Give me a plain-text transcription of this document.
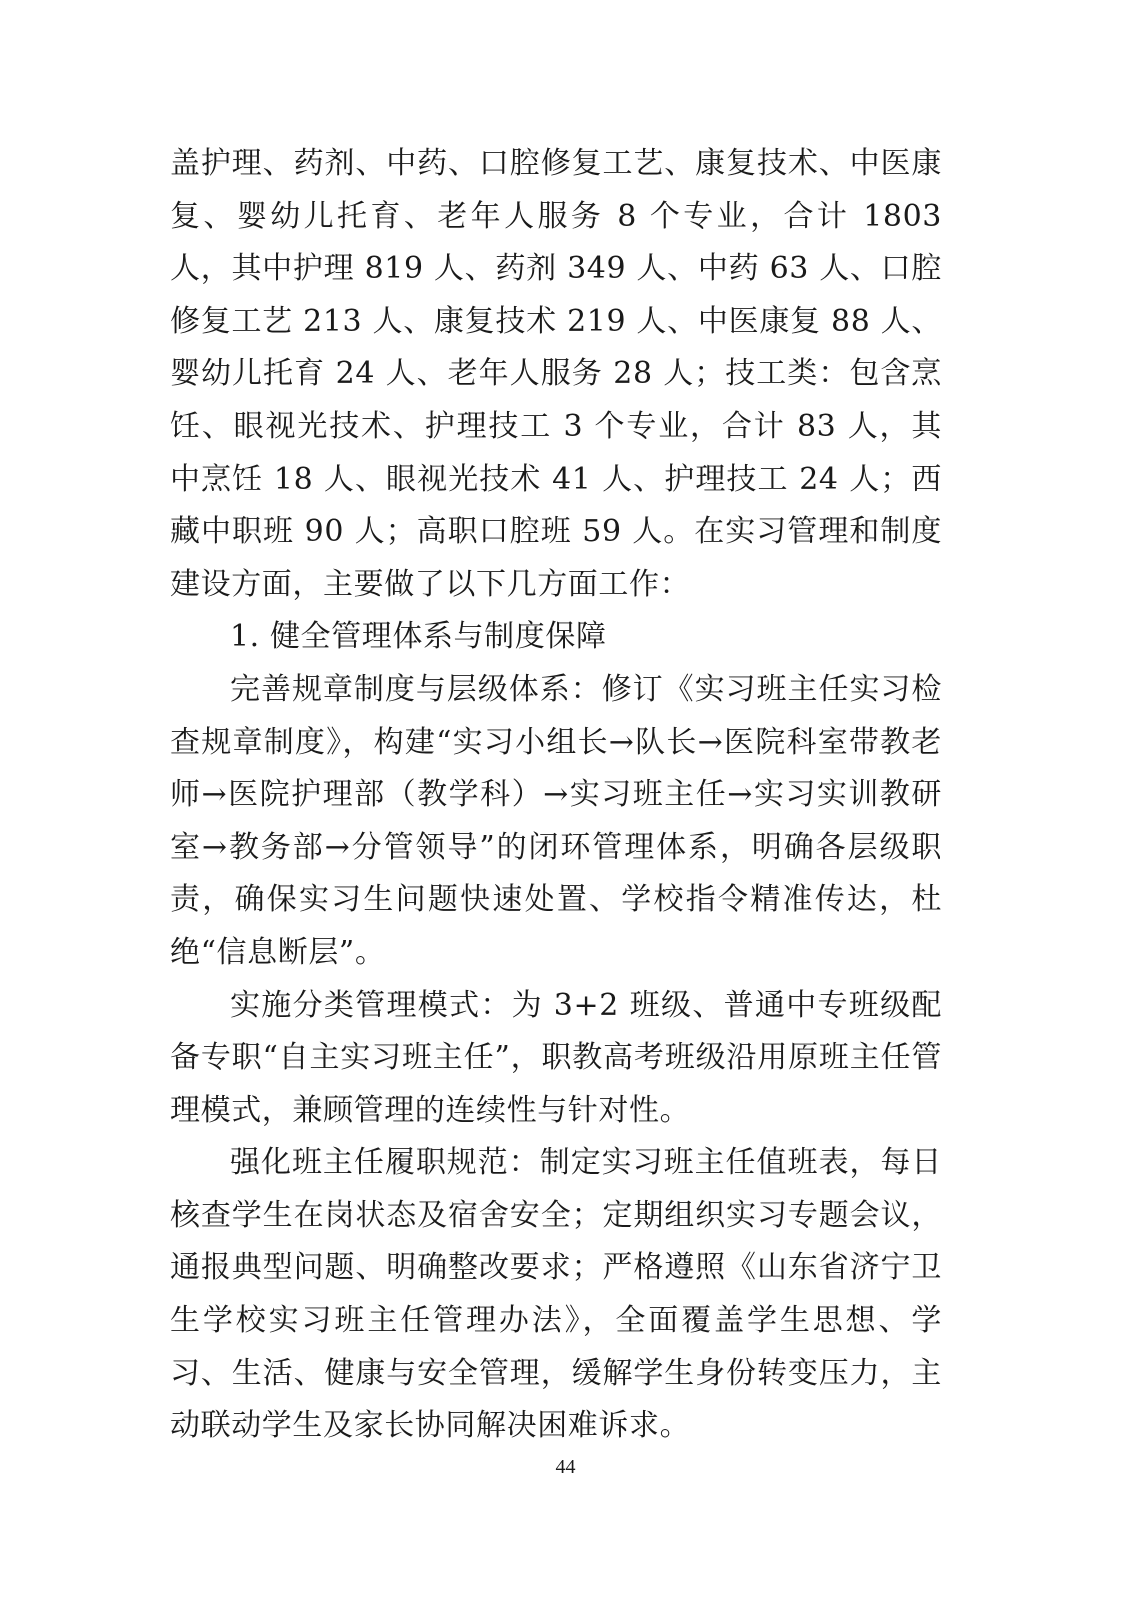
盖护理、药剂、中药、口腔修复工艺、康复技术、中医康复、婴幼儿托育、老年人服务 8 个专业，合计 1803 人，其中护理 819 人、药剂 349 人、中药 63 人、口腔修复工艺 213 人、康复技术 219 人、中医康复 88 人、婴幼儿托育 24 人、老年人服务 28 人；技工类：包含烹饪、眼视光技术、护理技工 3 个专业，合计 83 人，其中烹饪 18 人、眼视光技术 41 人、护理技工 24 人；西藏中职班 90 人；高职口腔班 59 人。在实习管理和制度建设方面，主要做了以下几方面工作：

1. 健全管理体系与制度保障

完善规章制度与层级体系：修订《实习班主任实习检查规章制度》，构建“实习小组长→队长→医院科室带教老师→医院护理部（教学科）→实习班主任→实习实训教研室→教务部→分管领导”的闭环管理体系，明确各层级职责，确保实习生问题快速处置、学校指令精准传达，杜绝“信息断层”。

实施分类管理模式：为 3+2 班级、普通中专班级配备专职“自主实习班主任”，职教高考班级沿用原班主任管理模式，兼顾管理的连续性与针对性。

强化班主任履职规范：制定实习班主任值班表，每日核查学生在岗状态及宿舍安全；定期组织实习专题会议，通报典型问题、明确整改要求；严格遵照《山东省济宁卫生学校实习班主任管理办法》，全面覆盖学生思想、学习、生活、健康与安全管理，缓解学生身份转变压力，主动联动学生及家长协同解决困难诉求。

44
